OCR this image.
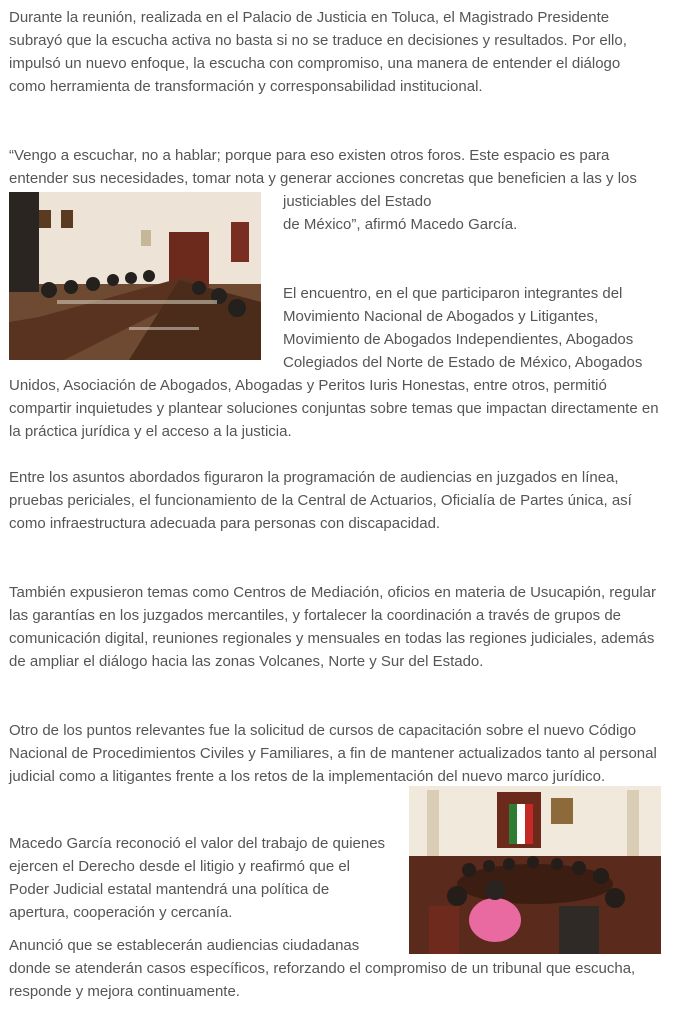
Durante la reunión, realizada en el Palacio de Justicia en Toluca, el Magistrado Presidente subrayó que la escucha activa no basta si no se traduce en decisiones y resultados. Por ello, impulsó un nuevo enfoque, la escucha con compromiso, una manera de entender el diálogo como herramienta de transformación y corresponsabilidad institucional.

“Vengo a escuchar, no a hablar; porque para eso existen otros foros. Este espacio es para entender sus necesidades, tomar nota y generar acciones concretas que beneficien a las y los justiciables del Estado
de México”, afirmó Macedo García.
El encuentro, en el que participaron integrantes del Movimiento Nacional de Abogados y Litigantes, Movimiento de Abogados Independientes, Abogados Colegiados del Norte de Estado de México, Abogados Unidos, Asociación de Abogados, Abogadas y Peritos Iuris Honestas, entre otros, permitió compartir inquietudes y plantear soluciones conjuntas sobre temas que impactan directamente en la práctica jurídica y el acceso a la justicia.

Entre los asuntos abordados figuraron la programación de audiencias en juzgados en línea, pruebas periciales, el funcionamiento de la Central de Actuarios, Oficialía de Partes única, así como infraestructura adecuada para personas con discapacidad.

También expusieron temas como Centros de Mediación, oficios en materia de Usucapión, regular las garantías en los juzgados mercantiles, y fortalecer la coordinación a través de grupos de comunicación digital, reuniones regionales y mensuales en todas las regiones judiciales, además de ampliar el diálogo hacia las zonas Volcanes, Norte y Sur del Estado.

Otro de los puntos relevantes fue la solicitud de cursos de capacitación sobre el nuevo Código Nacional de Procedimientos Civiles y Familiares, a fin de mantener actualizados tanto al personal judicial como a litigantes frente a los retos de la implementación del nuevo marco jurídico.

Macedo García reconoció el valor del trabajo de quienes ejercen el Derecho desde el litigio y reafirmó que el Poder Judicial estatal mantendrá una política de apertura, cooperación y cercanía.
Anunció que se establecerán audiencias ciudadanas donde se atenderán casos específicos, reforzando el compromiso de un tribunal que escucha, responde y mejora continuamente.
